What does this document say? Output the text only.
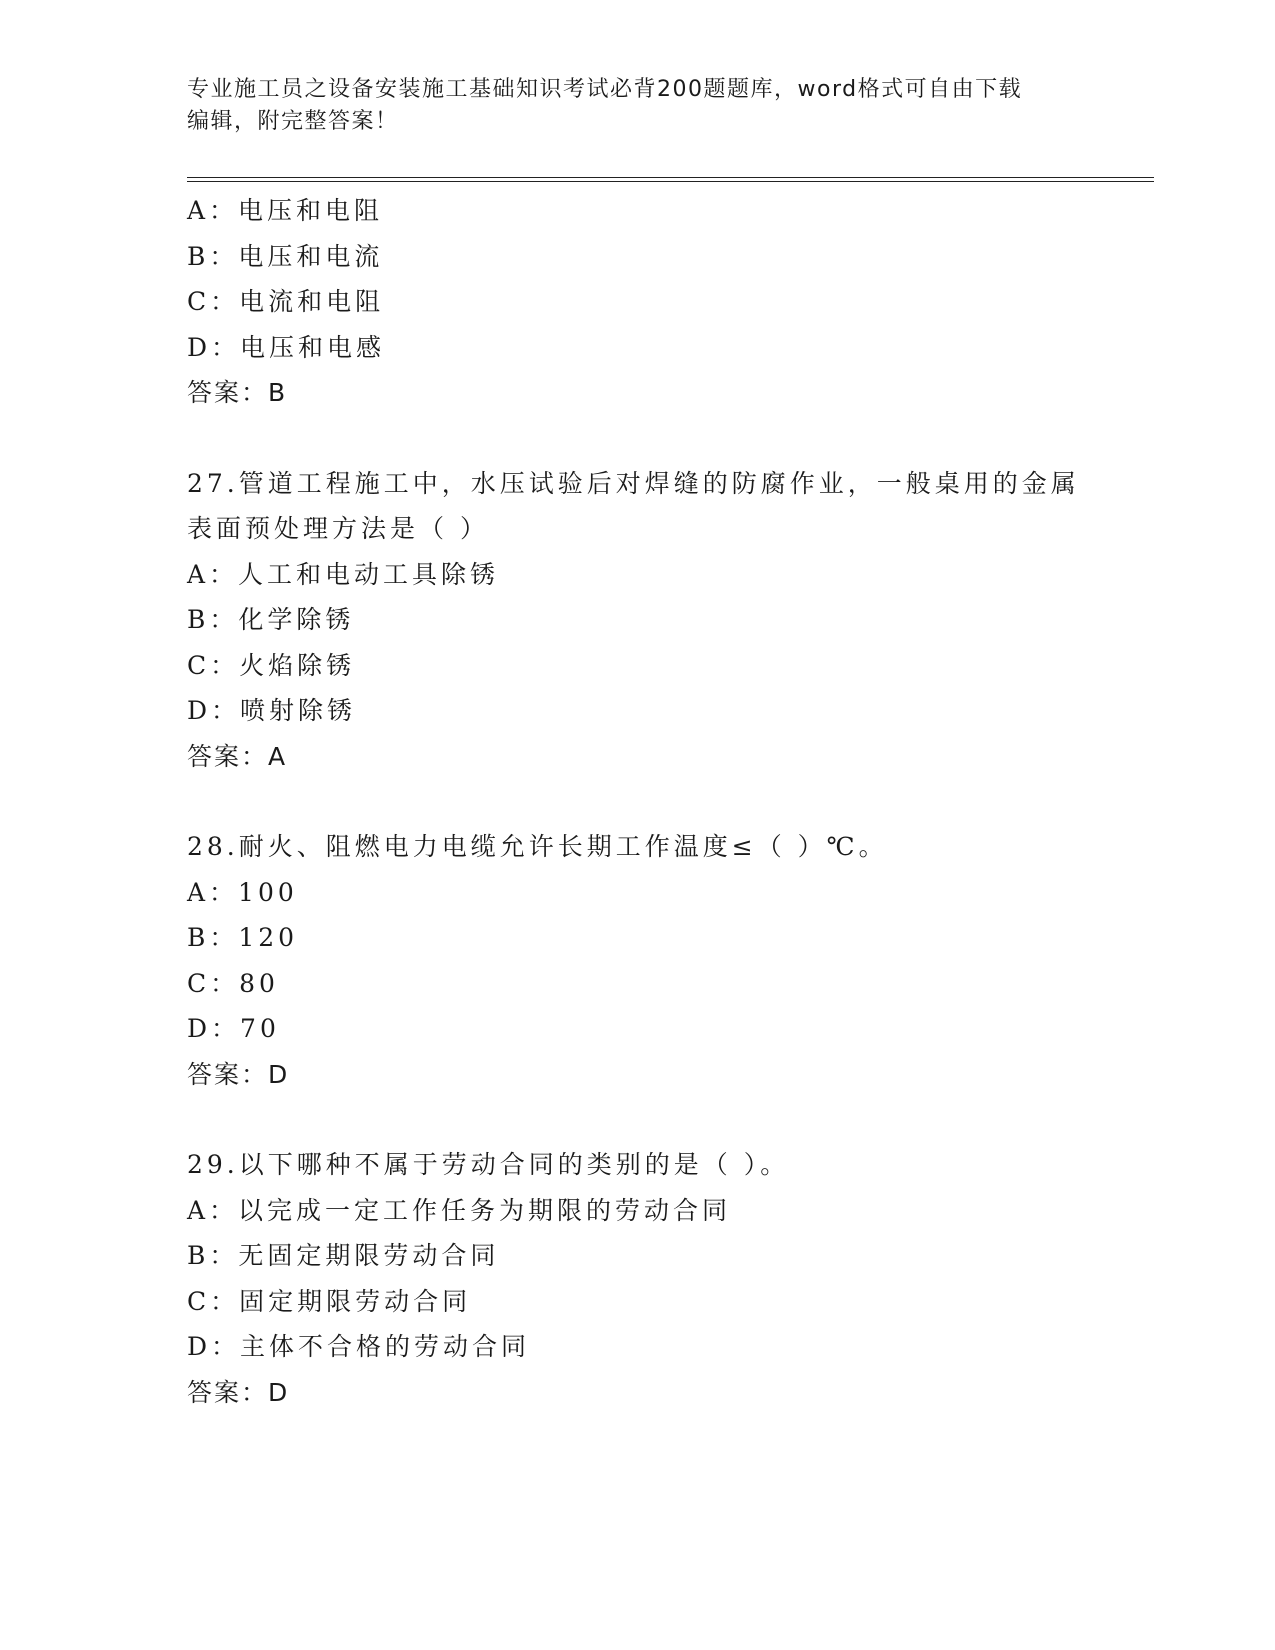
专业施工员之设备安装施工基础知识考试必背200题题库，word格式可自由下载
编辑，附完整答案！
A：电压和电阻
B：电压和电流
C：电流和电阻
D：电压和电感
答案：B
27.管道工程施工中，水压试验后对焊缝的防腐作业，一般桌用的金属
表面预处理方法是（ ）
A：人工和电动工具除锈
B：化学除锈
C：火焰除锈
D：喷射除锈
答案：A
28.耐火、阻燃电力电缆允许长期工作温度≤（ ）℃。
A：100
B：120
C：80
D：70
答案：D
29.以下哪种不属于劳动合同的类别的是（ ）。
A：以完成一定工作任务为期限的劳动合同
B：无固定期限劳动合同
C：固定期限劳动合同
D：主体不合格的劳动合同
答案：D
